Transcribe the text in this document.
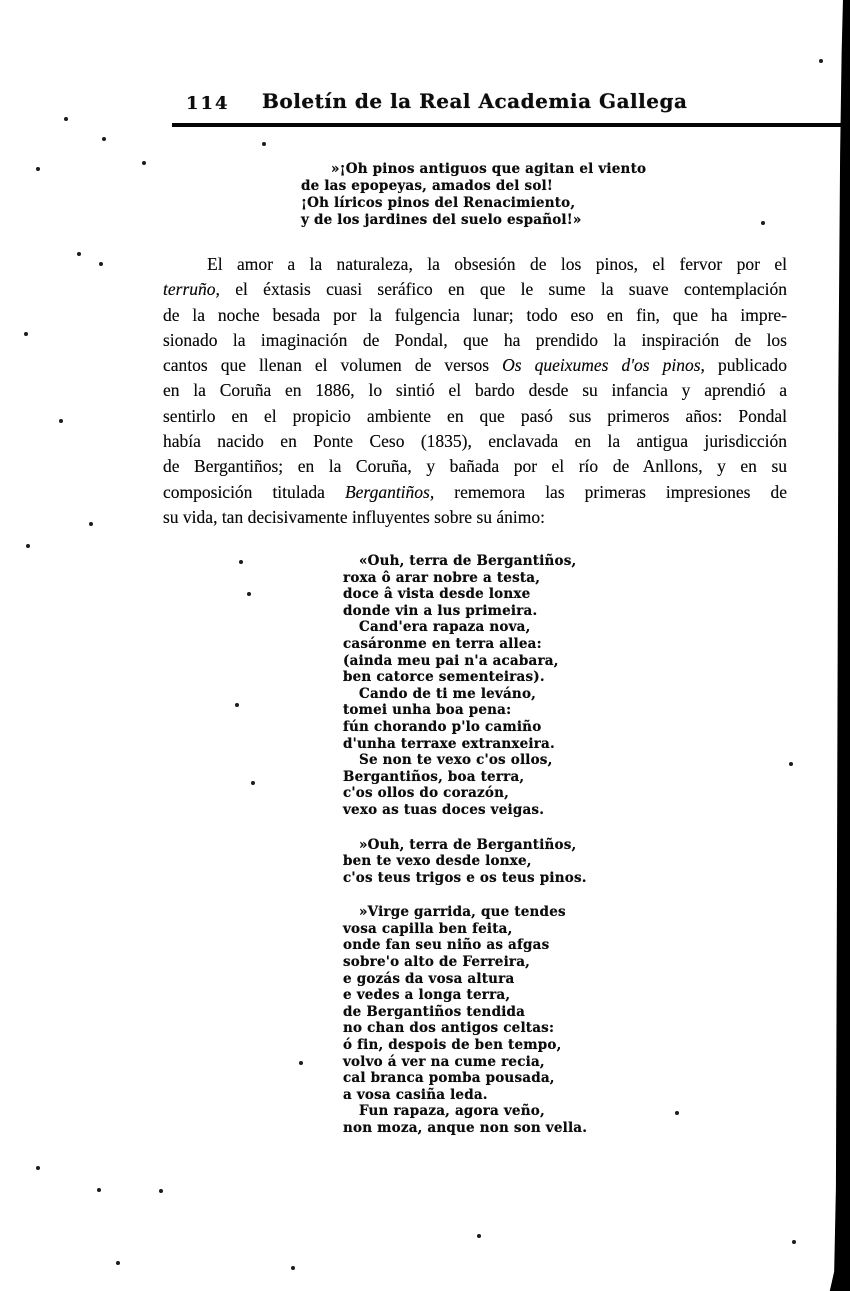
114 Boletín de la Real Academia Gallega
»¡Oh pinos antiguos que agitan el viento
de las epopeyas, amados del sol!
¡Oh líricos pinos del Renacimiento,
y de los jardines del suelo español!»
El amor a la naturaleza, la obsesión de los pinos, el fervor por el
terruño, el éxtasis cuasi seráfico en que le sume la suave contemplación
de la noche besada por la fulgencia lunar; todo eso en fin, que ha impre-
sionado la imaginación de Pondal, que ha prendido la inspiración de los
cantos que llenan el volumen de versos Os queixumes d'os pinos, publicado
en la Coruña en 1886, lo sintió el bardo desde su infancia y aprendió a
sentirlo en el propicio ambiente en que pasó sus primeros años: Pondal
había nacido en Ponte Ceso (1835), enclavada en la antigua jurisdicción
de Bergantiños; en la Coruña, y bañada por el río de Anllons, y en su
composición titulada Bergantiños, rememora las primeras impresiones de
su vida, tan decisivamente influyentes sobre su ánimo:
«Ouh, terra de Bergantiños,
roxa ô arar nobre a testa,
doce â vista desde lonxe
donde vin a lus primeira.
Cand'era rapaza nova,
casáronme en terra allea:
(ainda meu pai n'a acabara,
ben catorce sementeiras).
Cando de ti me leváno,
tomei unha boa pena:
fún chorando p'lo camiño
d'unha terraxe extranxeira.
Se non te vexo c'os ollos,
Bergantiños, boa terra,
c'os ollos do corazón,
vexo as tuas doces veigas.
»Ouh, terra de Bergantiños,
ben te vexo desde lonxe,
c'os teus trigos e os teus pinos.
»Virge garrida, que tendes
vosa capilla ben feita,
onde fan seu niño as afgas
sobre'o alto de Ferreira,
e gozás da vosa altura
e vedes a longa terra,
de Bergantiños tendida
no chan dos antigos celtas:
ó fin, despois de ben tempo,
volvo á ver na cume recia,
cal branca pomba pousada,
a vosa casiña leda.
Fun rapaza, agora veño,
non moza, anque non son vella.
